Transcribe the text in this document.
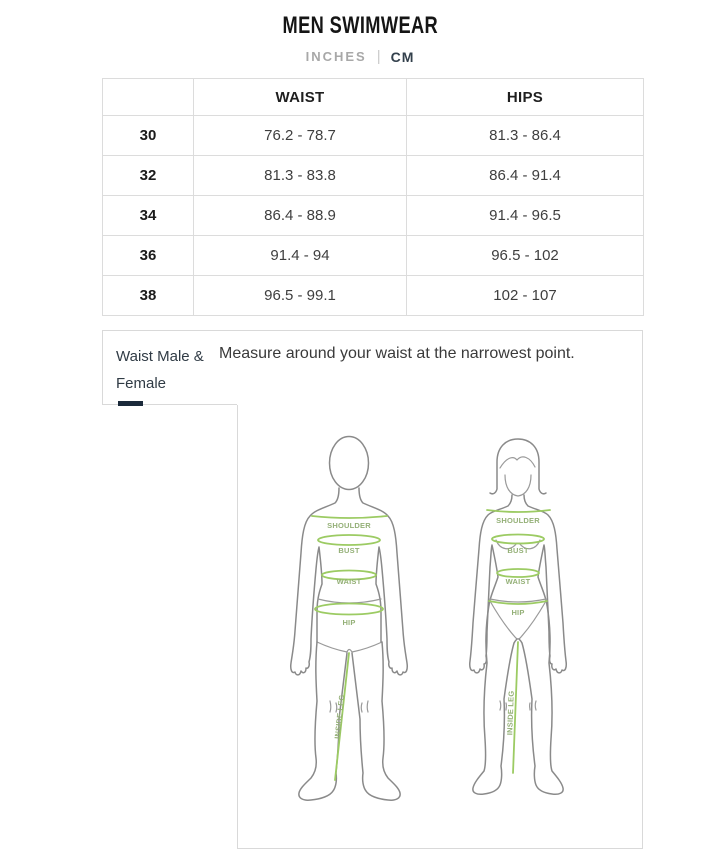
MEN SWIMWEAR
INCHES | CM
	WAIST	HIPS
30	76.2 - 78.7	81.3 - 86.4
32	81.3 - 83.8	86.4 - 91.4
34	86.4 - 88.9	91.4 - 96.5
36	91.4 - 94	96.5 - 102
38	96.5 - 99.1	102 - 107
Waist Male & Female
Measure around your waist at the narrowest point.
SHOULDER
BUST
WAIST
HIP
INSIDE LEG
SHOULDER
BUST
WAIST
HIP
INSIDE LEG
